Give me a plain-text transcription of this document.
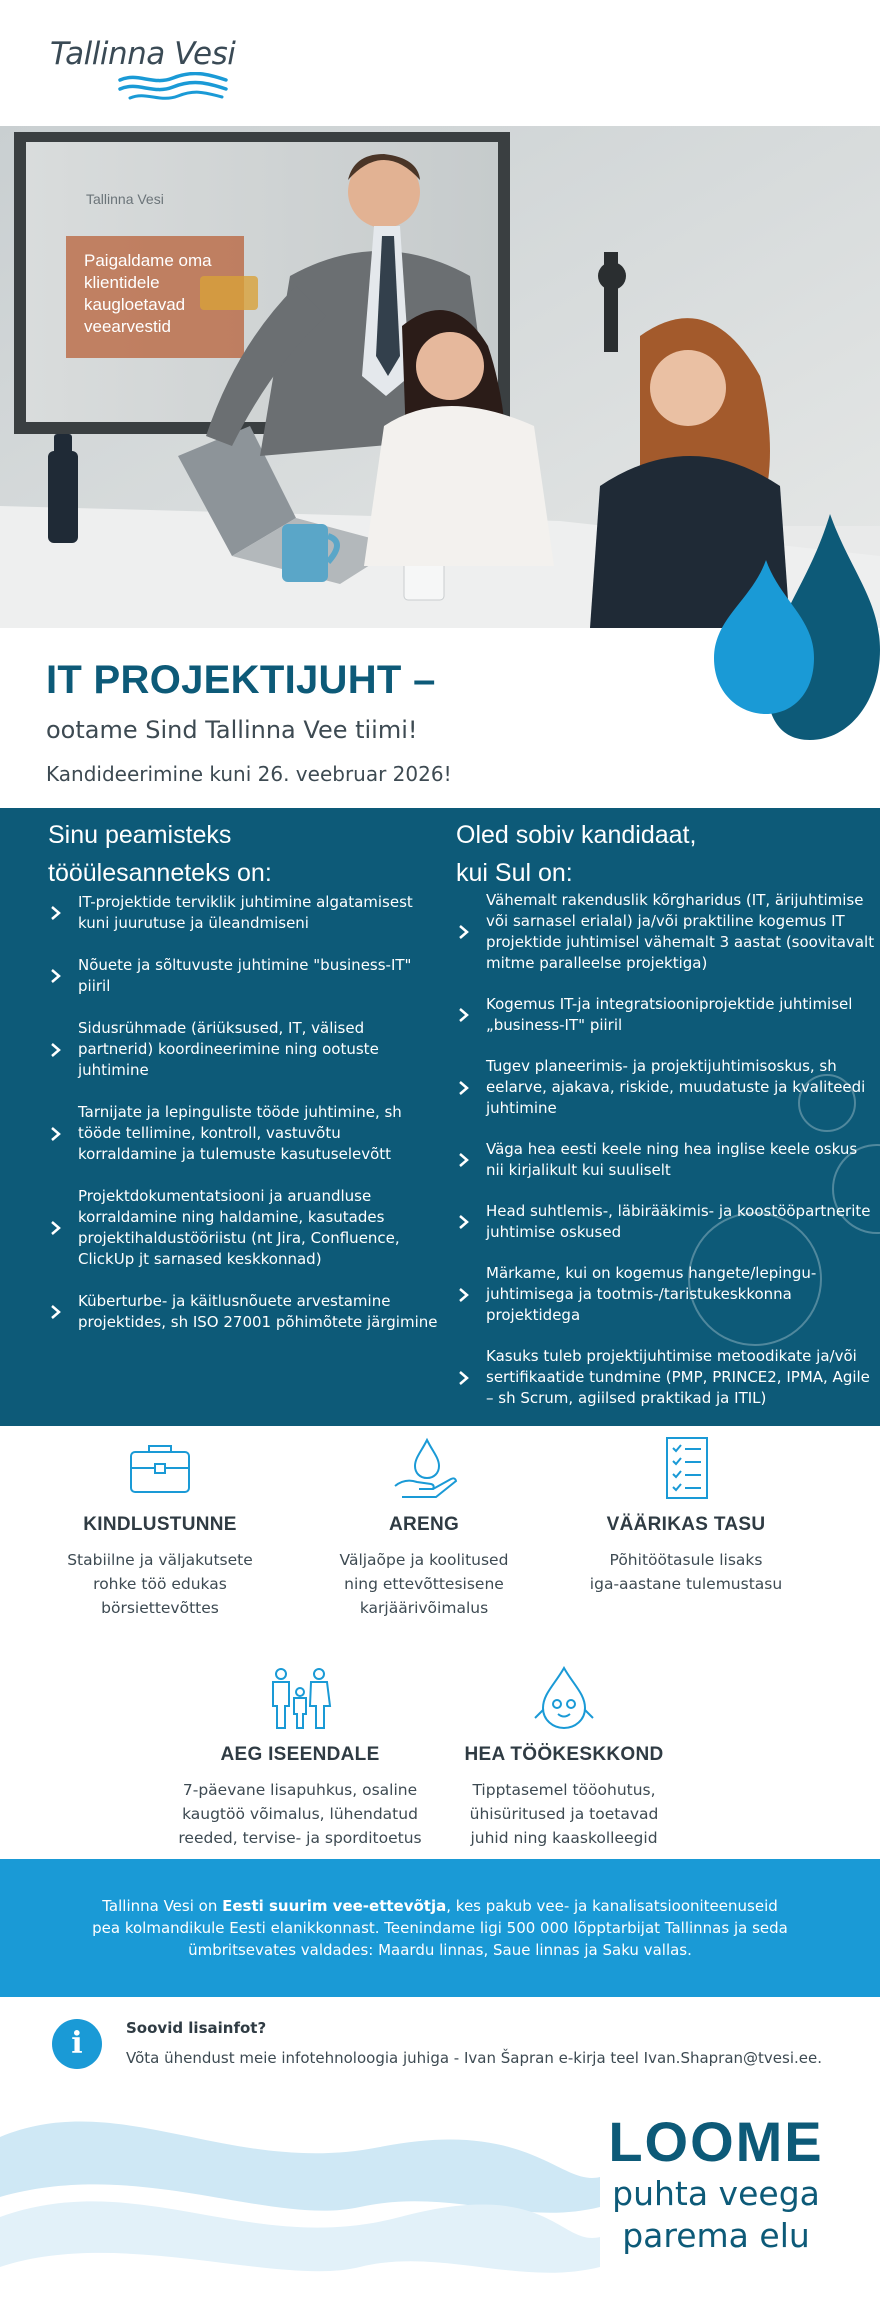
Tallinna Vesi
Tallinna Vesi
Paigaldame oma
klientidele
kaugloetavad
veearvestid
IT PROJEKTIJUHT –
ootame Sind Tallinna Vee tiimi!
Kandideerimine kuni 26. veebruar 2026!
Sinu peamisteks
tööülesanneteks on:
IT-projektide terviklik juhtimine algatamisest kuni juurutuse ja üleandmiseni
Nõuete ja sõltuvuste juhtimine "business-IT" piiril
Sidusrühmade (äriüksused, IT, välised partnerid) koordineerimine ning ootuste juhtimine
Tarnijate ja lepinguliste tööde juhtimine, sh tööde tellimine, kontroll, vastuvõtu korraldamine ja tulemuste kasutuselevõtt
Projektdokumentatsiooni ja aruandluse korraldamine ning haldamine, kasutades projektihaldustööriistu (nt Jira, Confluence, ClickUp jt sarnased keskkonnad)
Küberturbe- ja käitlusnõuete arvestamine projektides, sh ISO 27001 põhimõtete järgimine
Oled sobiv kandidaat,
kui Sul on:
Vähemalt rakenduslik kõrgharidus (IT, ärijuhtimise või sarnasel erialal) ja/või praktiline kogemus IT projektide juhtimisel vähemalt 3 aastat (soovitavalt mitme paralleelse projektiga)
Kogemus IT-ja integratsiooniprojektide juhtimisel „business-IT" piiril
Tugev planeerimis- ja projektijuhtimisoskus, sh eelarve, ajakava, riskide, muudatuste ja kvaliteedi juhtimine
Väga hea eesti keele ning hea inglise keele oskus nii kirjalikult kui suuliselt
Head suhtlemis-, läbirääkimis- ja koostööpartnerite juhtimise oskused
Märkame, kui on kogemus hangete/lepingu-juhtimisega ja tootmis-/taristukeskkonna projektidega
Kasuks tuleb projektijuhtimise metoodikate ja/või sertifikaatide tundmine (PMP, PRINCE2, IPMA, Agile – sh Scrum, agiilsed praktikad ja ITIL)
KINDLUSTUNNE
Stabiilne ja väljakutsete
rohke töö edukas
börsiettevõttes
ARENG
Väljaõpe ja koolitused
ning ettevõttesisene
karjäärivõimalus
VÄÄRIKAS TASU
Põhitöötasule lisaks
iga-aastane tulemustasu
AEG ISEENDALE
7-päevane lisapuhkus, osaline
kaugtöö võimalus, lühendatud
reeded, tervise- ja sporditoetus
HEA TÖÖKESKKOND
Tipptasemel tööohutus,
ühisüritused ja toetavad
juhid ning kaaskolleegid
Tallinna Vesi on Eesti suurim vee-ettevõtja, kes pakub vee- ja kanalisatsiooniteenuseid pea kolmandikule Eesti elanikkonnast. Teenindame ligi 500 000 lõpptarbijat Tallinnas ja seda ümbritsevates valdades: Maardu linnas, Saue linnas ja Saku vallas.
i	Soovid lisainfot?
Võta ühendust meie infotehnoloogia juhiga - Ivan Šapran e-kirja teel Ivan.Shapran@tvesi.ee.
LOOME
puhta veega
parema elu
